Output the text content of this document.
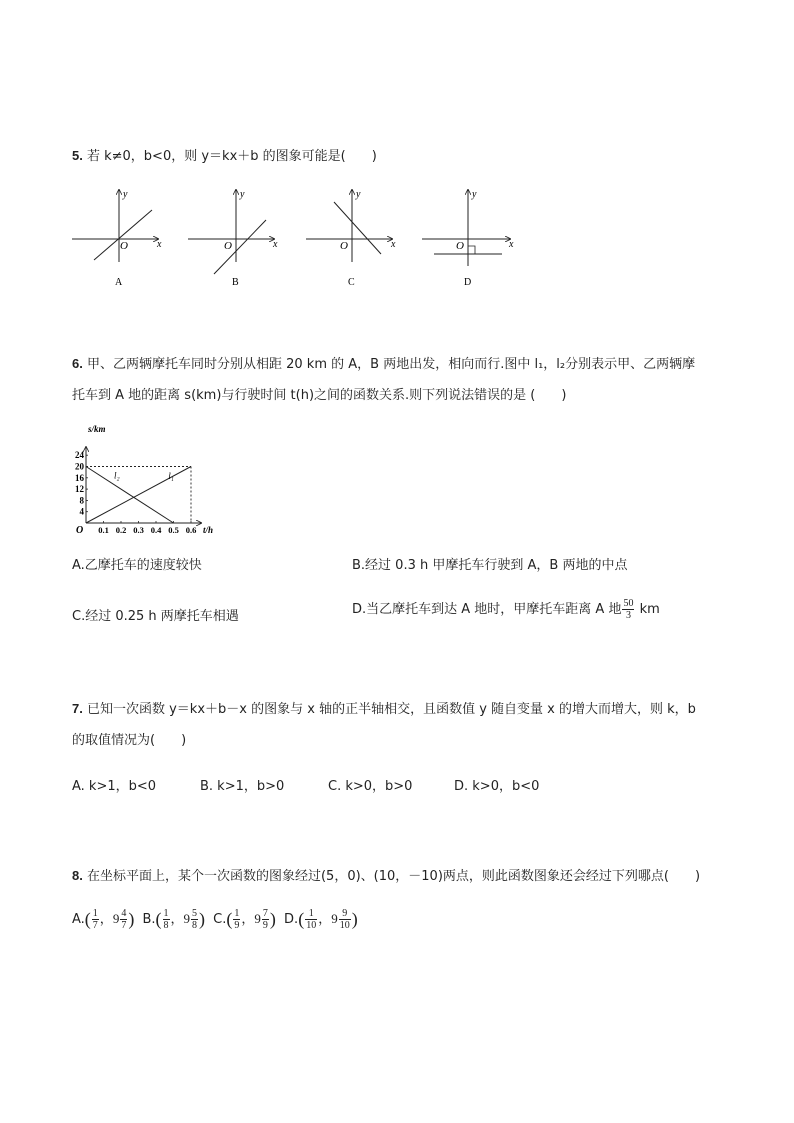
5. 若 k≠0，b<0，则 y＝kx＋b 的图象可能是(　　)
x
y
O
A
x
y
O
B
x
y
O
C
x
y
O
D
6. 甲、乙两辆摩托车同时分别从相距 20 km 的 A，B 两地出发，相向而行.图中 l₁，l₂分别表示甲、乙两辆摩
托车到 A 地的距离 s(km)与行驶时间 t(h)之间的函数关系.则下列说法错误的是 (　　)
4
8
12
16
20
24
0.1 0.2 0.3 0.4 0.5 0.6
l₁
l₂
s/km
t/h
O
A.乙摩托车的速度较快	B.经过 0.3 h 甲摩托车行驶到 A，B 两地的中点
C.经过 0.25 h 两摩托车相遇	D.当乙摩托车到达 A 地时，甲摩托车距离 A 地 $\frac{50}{3}$ km
7. 已知一次函数 y＝kx＋b－x 的图象与 x 轴的正半轴相交，且函数值 y 随自变量 x 的增大而增大，则 k，b
的取值情况为(　　)
A. k>1，b<0	B. k>1，b>0	C. k>0，b>0	D. k>0，b<0
8. 在坐标平面上，某个一次函数的图象经过(5，0)、(10，－10)两点，则此函数图象还会经过下列哪点(　　)
$A.( \frac{1}{7}$ ，$9 \frac{4}{7}$ ) $B.( \frac{1}{8}$ ，$9 \frac{5}{8}$ ) $C.( \frac{1}{9}$ ，$9 \frac{7}{9}$ ) $D.( \frac{1}{10}$ ，$9 \frac{9}{10}$ )
